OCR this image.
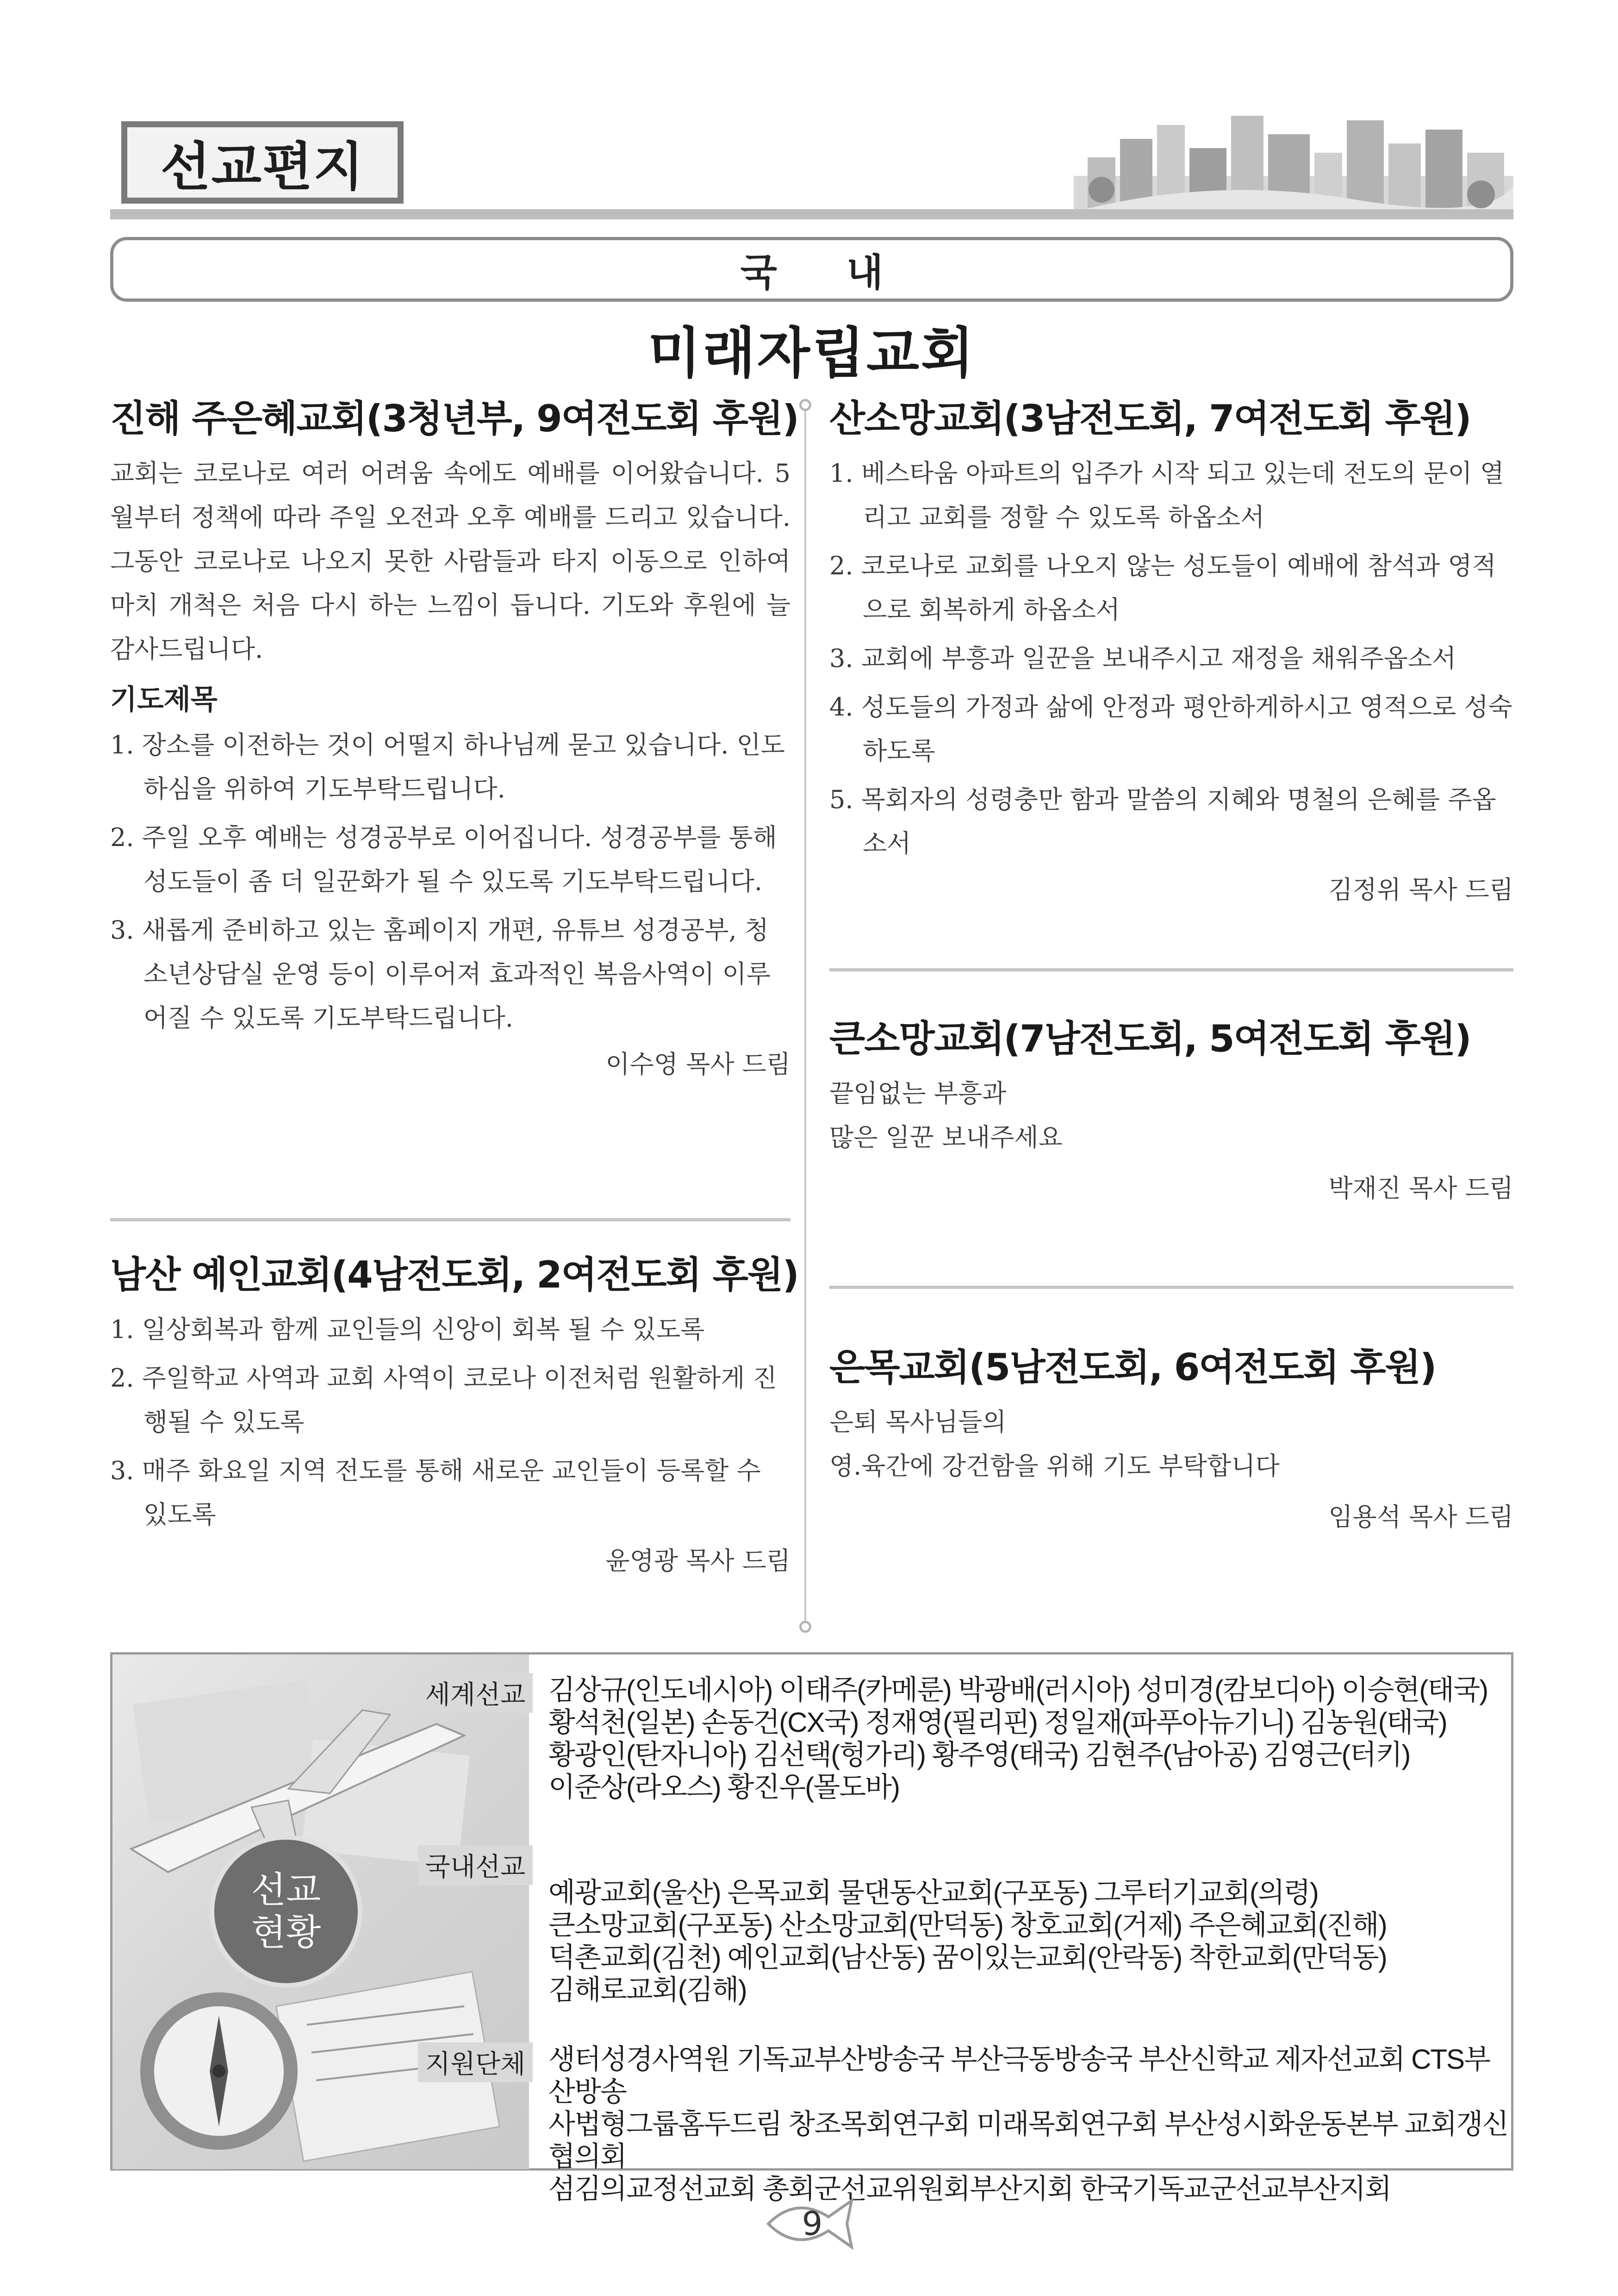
선교편지
국내
미래자립교회
진해 주은혜교회(3청년부, 9여전도회 후원)
교회는 코로나로 여러 어려움 속에도 예배를 이어왔습니다. 5월부터 정책에 따라 주일 오전과 오후 예배를 드리고 있습니다. 그동안 코로나로 나오지 못한 사람들과 타지 이동으로 인하여 마치 개척은 처음 다시 하는 느낌이 듭니다. 기도와 후원에 늘 감사드립니다.
기도제목
1. 장소를 이전하는 것이 어떨지 하나님께 묻고 있습니다. 인도하심을 위하여 기도부탁드립니다.
2. 주일 오후 예배는 성경공부로 이어집니다. 성경공부를 통해 성도들이 좀 더 일꾼화가 될 수 있도록 기도부탁드립니다.
3. 새롭게 준비하고 있는 홈페이지 개편, 유튜브 성경공부, 청소년상담실 운영 등이 이루어져 효과적인 복음사역이 이루어질 수 있도록 기도부탁드립니다.
이수영 목사 드림
남산 예인교회(4남전도회, 2여전도회 후원)
1. 일상회복과 함께 교인들의 신앙이 회복 될 수 있도록
2. 주일학교 사역과 교회 사역이 코로나 이전처럼 원활하게 진행될 수 있도록
3. 매주 화요일 지역 전도를 통해 새로운 교인들이 등록할 수 있도록
윤영광 목사 드림
산소망교회(3남전도회, 7여전도회 후원)
1. 베스타움 아파트의 입주가 시작 되고 있는데 전도의 문이 열리고 교회를 정할 수 있도록 하옵소서
2. 코로나로 교회를 나오지 않는 성도들이 예배에 참석과 영적으로 회복하게 하옵소서
3. 교회에 부흥과 일꾼을 보내주시고 재정을 채워주옵소서
4. 성도들의 가정과 삶에 안정과 평안하게하시고 영적으로 성숙하도록
5. 목회자의 성령충만 함과 말씀의 지혜와 명철의 은혜를 주옵소서
김정위 목사 드림
큰소망교회(7남전도회, 5여전도회 후원)
끝임없는 부흥과
많은 일꾼 보내주세요
박재진 목사 드림
은목교회(5남전도회, 6여전도회 후원)
은퇴 목사님들의
영.육간에 강건함을 위해 기도 부탁합니다
임용석 목사 드림
선교
현황
세계선교 김상규(인도네시아) 이태주(카메룬) 박광배(러시아) 성미경(캄보디아) 이승현(태국)
황석천(일본) 손동건(CX국) 정재영(필리핀) 정일재(파푸아뉴기니) 김농원(태국)
황광인(탄자니아) 김선택(헝가리) 황주영(태국) 김현주(남아공) 김영근(터키)
이준상(라오스) 황진우(몰도바)
국내선교
예광교회(울산) 은목교회 물댄동산교회(구포동) 그루터기교회(의령)
큰소망교회(구포동) 산소망교회(만덕동) 창호교회(거제) 주은혜교회(진해)
덕촌교회(김천) 예인교회(남산동) 꿈이있는교회(안락동) 착한교회(만덕동)
김해로교회(김해)
지원단체 생터성경사역원 기독교부산방송국 부산극동방송국 부산신학교 제자선교회 CTS부산방송
사법형그룹홈두드림 창조목회연구회 미래목회연구회 부산성시화운동본부 교회갱신협의회
섬김의교정선교회 총회군선교위원회부산지회 한국기독교군선교부산지회
9
